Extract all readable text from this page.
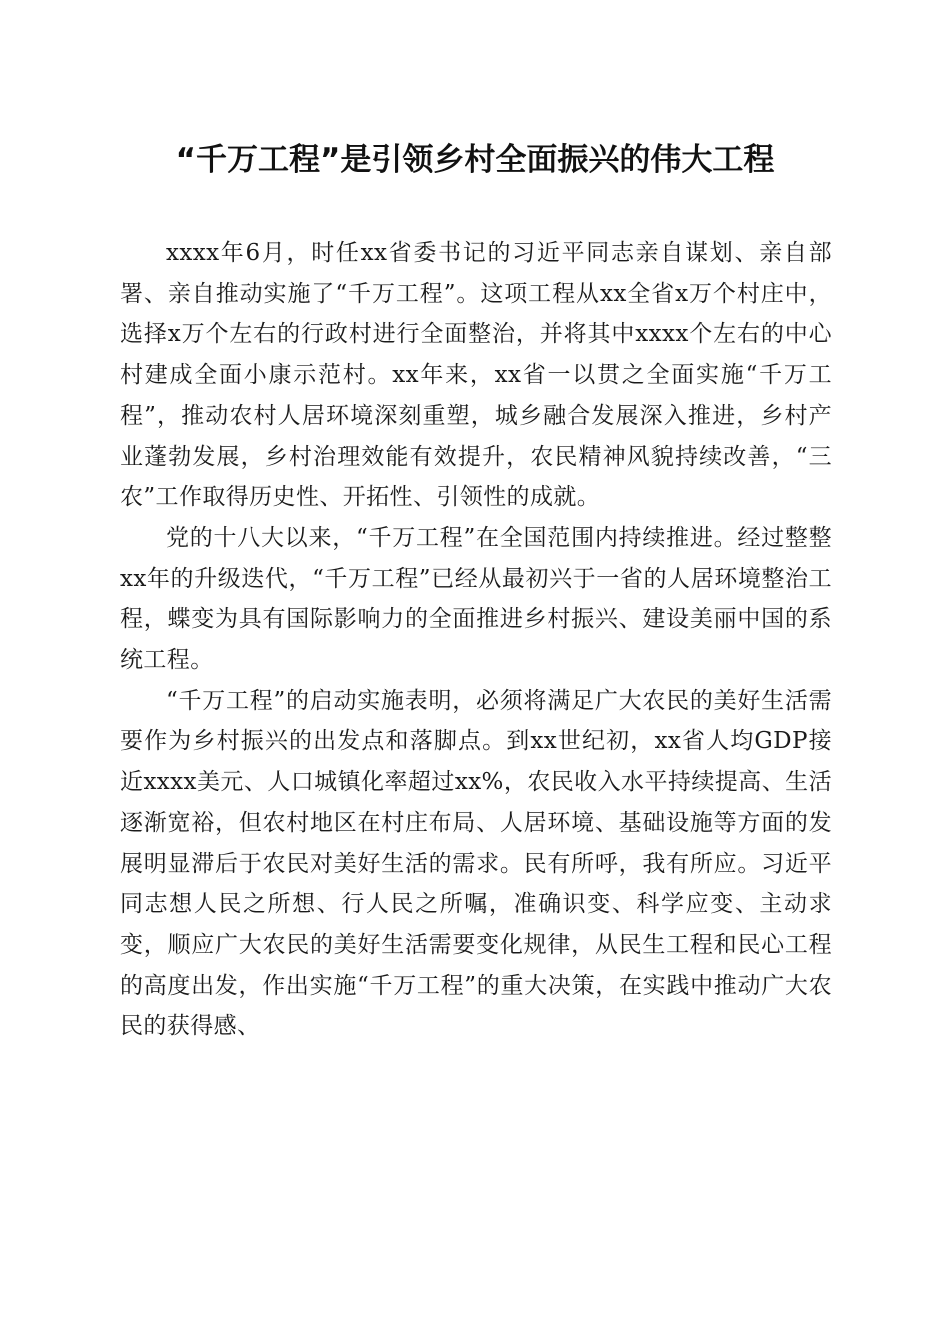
“千万工程”是引领乡村全面振兴的伟大工程

xxxx年6月，时任xx省委书记的习近平同志亲自谋划、亲自部署、亲自推动实施了“千万工程”。这项工程从xx全省x万个村庄中，选择x万个左右的行政村进行全面整治，并将其中xxxx个左右的中心村建成全面小康示范村。xx年来，xx省一以贯之全面实施“千万工程”，推动农村人居环境深刻重塑，城乡融合发展深入推进，乡村产业蓬勃发展，乡村治理效能有效提升，农民精神风貌持续改善，“三农”工作取得历史性、开拓性、引领性的成就。

党的十八大以来，“千万工程”在全国范围内持续推进。经过整整xx年的升级迭代，“千万工程”已经从最初兴于一省的人居环境整治工程，蝶变为具有国际影响力的全面推进乡村振兴、建设美丽中国的系统工程。

“千万工程”的启动实施表明，必须将满足广大农民的美好生活需要作为乡村振兴的出发点和落脚点。到xx世纪初，xx省人均GDP接近xxxx美元、人口城镇化率超过xx%，农民收入水平持续提高、生活逐渐宽裕，但农村地区在村庄布局、人居环境、基础设施等方面的发展明显滞后于农民对美好生活的需求。民有所呼，我有所应。习近平同志想人民之所想、行人民之所嘱，准确识变、科学应变、主动求变，顺应广大农民的美好生活需要变化规律，从民生工程和民心工程的高度出发，作出实施“千万工程”的重大决策，在实践中推动广大农民的获得感、
